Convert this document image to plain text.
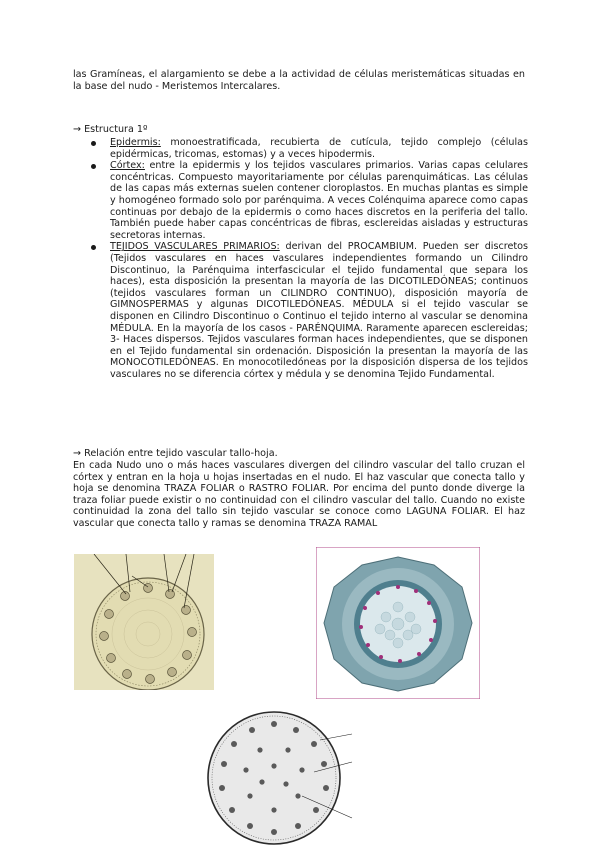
las Gramíneas, el alargamiento se debe a la actividad de células meristemáticas situadas en la base del nudo - Meristemos Intercalares.

→ Estructura 1º
Epidermis: monoestratificada, recubierta de cutícula, tejido complejo (células epidérmicas, tricomas, estomas) y a veces hipodermis.
Córtex: entre la epidermis y los tejidos vasculares primarios. Varias capas celulares concéntricas. Compuesto mayoritariamente por células parenquimáticas. Las células de las capas más externas suelen contener cloroplastos. En muchas plantas es simple y homogéneo formado solo por parénquima. A veces Colénquima aparece como capas continuas por debajo de la epidermis o como haces discretos en la periferia del tallo. También puede haber capas concéntricas de fibras, esclereidas aisladas y estructuras secretoras internas.
TEJIDOS VASCULARES PRIMARIOS: derivan del PROCAMBIUM. Pueden ser discretos (Tejidos vasculares en haces vasculares independientes formando un Cilindro Discontinuo, la Parénquima interfascicular el tejido fundamental que separa los haces), esta disposición la presentan la mayoría de las DICOTILEDÓNEAS; continuos (tejidos vasculares forman un CILINDRO CONTINUO), disposición mayoría de GIMNOSPERMAS y algunas DICOTILEDÓNEAS. MÉDULA si el tejido vascular se disponen en Cilindro Discontinuo o Continuo el tejido interno al vascular se denomina MÉDULA. En la mayoría de los casos - PARÉNQUIMA. Raramente aparecen esclereidas; 3- Haces dispersos. Tejidos vasculares forman haces independientes, que se disponen en el Tejido fundamental sin ordenación. Disposición la presentan la mayoría de las MONOCOTILEDÓNEAS. En monocotiledóneas por la disposición dispersa de los tejidos vasculares no se diferencia córtex y médula y se denomina Tejido Fundamental.
→ Relación entre tejido vascular tallo-hoja.

En cada Nudo uno o más haces vasculares divergen del cilindro vascular del tallo cruzan el córtex y entran en la hoja u hojas insertadas en el nudo. El haz vascular que conecta tallo y hoja se denomina TRAZA FOLIAR o RASTRO FOLIAR. Por encima del punto donde diverge la traza foliar puede existir o no continuidad con el cilindro vascular del tallo. Cuando no existe continuidad la zona del tallo sin tejido vascular se conoce como LAGUNA FOLIAR. El haz vascular que conecta tallo y ramas se denomina TRAZA RAMAL
